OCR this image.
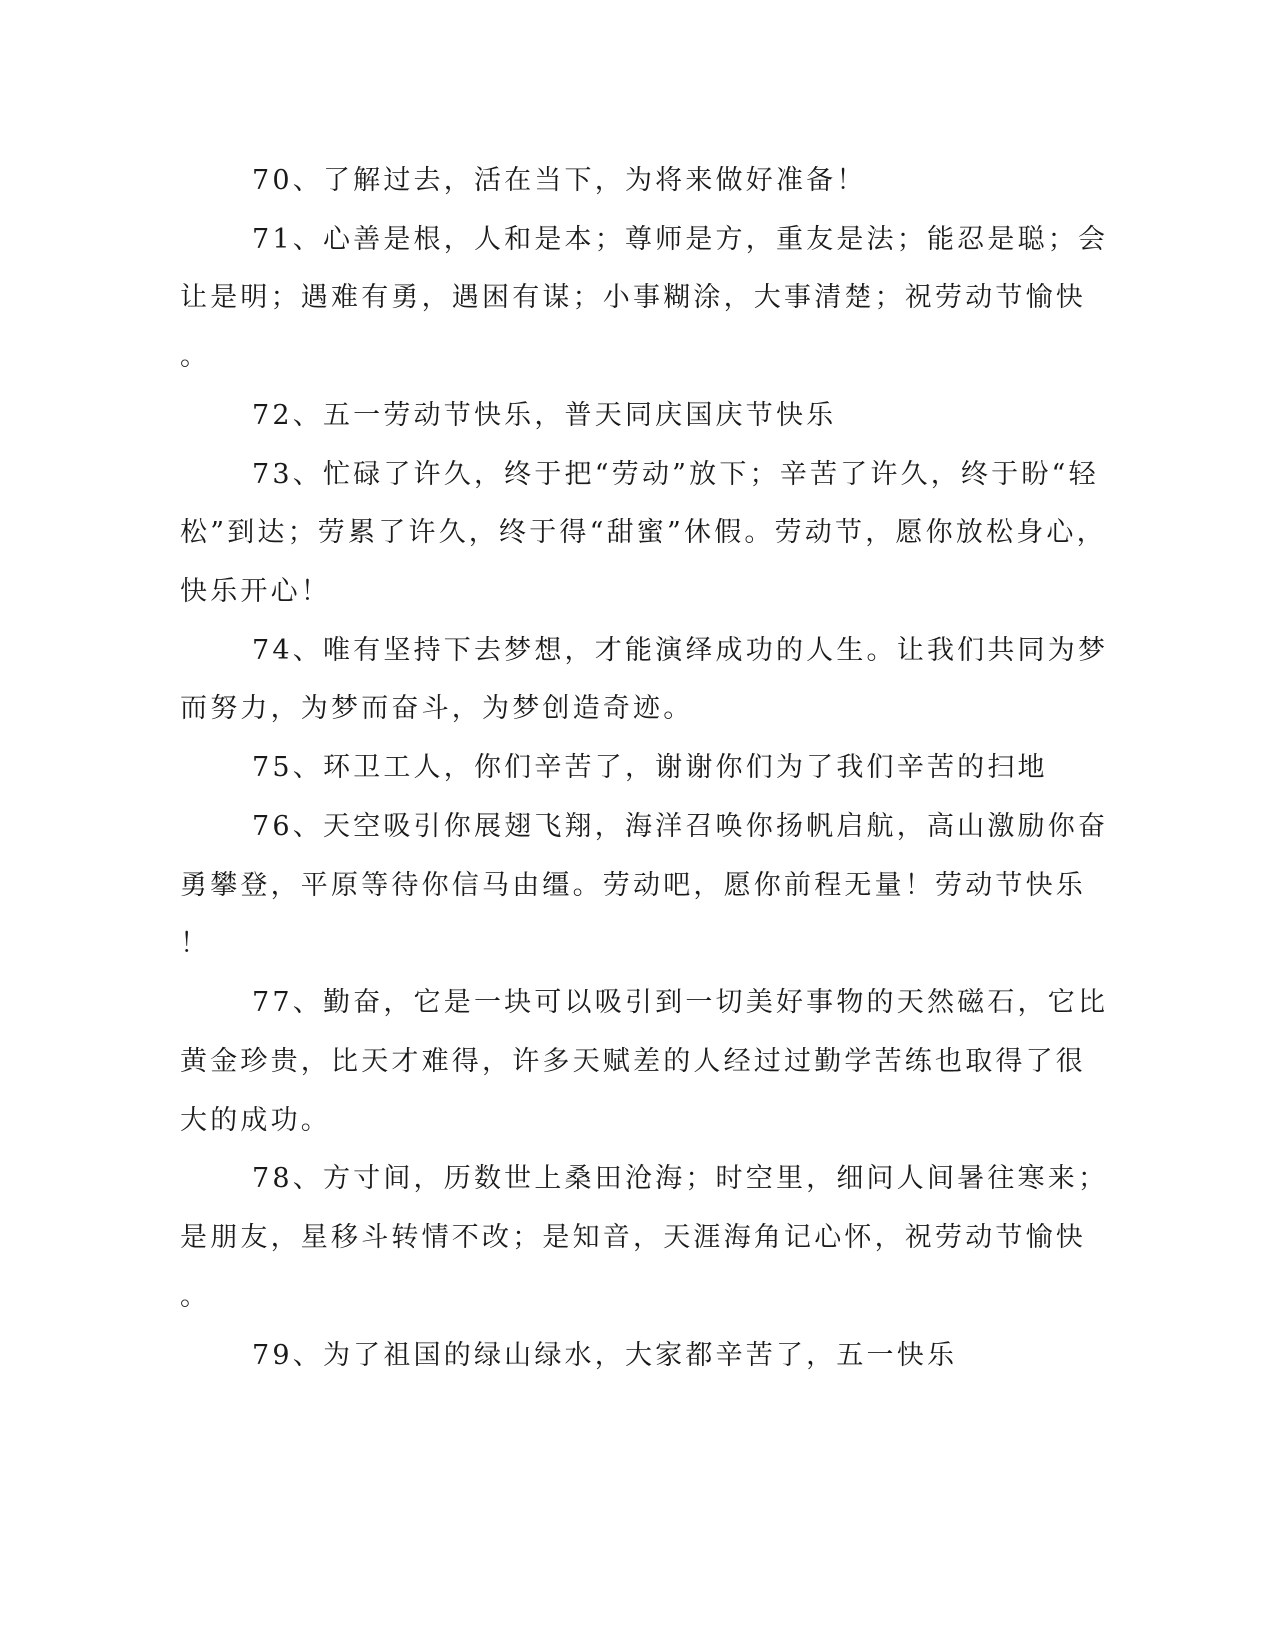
70、了解过去，活在当下，为将来做好准备！
71、心善是根，人和是本；尊师是方，重友是法；能忍是聪；会
让是明；遇难有勇，遇困有谋；小事糊涂，大事清楚；祝劳动节愉快
。
72、五一劳动节快乐，普天同庆国庆节快乐
73、忙碌了许久，终于把“劳动”放下；辛苦了许久，终于盼“轻
松”到达；劳累了许久，终于得“甜蜜”休假。劳动节，愿你放松身心，
快乐开心！
74、唯有坚持下去梦想，才能演绎成功的人生。让我们共同为梦
而努力，为梦而奋斗，为梦创造奇迹。
75、环卫工人，你们辛苦了，谢谢你们为了我们辛苦的扫地
76、天空吸引你展翅飞翔，海洋召唤你扬帆启航，高山激励你奋
勇攀登，平原等待你信马由缰。劳动吧，愿你前程无量！劳动节快乐
！
77、勤奋，它是一块可以吸引到一切美好事物的天然磁石，它比
黄金珍贵，比天才难得，许多天赋差的人经过过勤学苦练也取得了很
大的成功。
78、方寸间，历数世上桑田沧海；时空里，细问人间暑往寒来；
是朋友，星移斗转情不改；是知音，天涯海角记心怀，祝劳动节愉快
。
79、为了祖国的绿山绿水，大家都辛苦了，五一快乐
